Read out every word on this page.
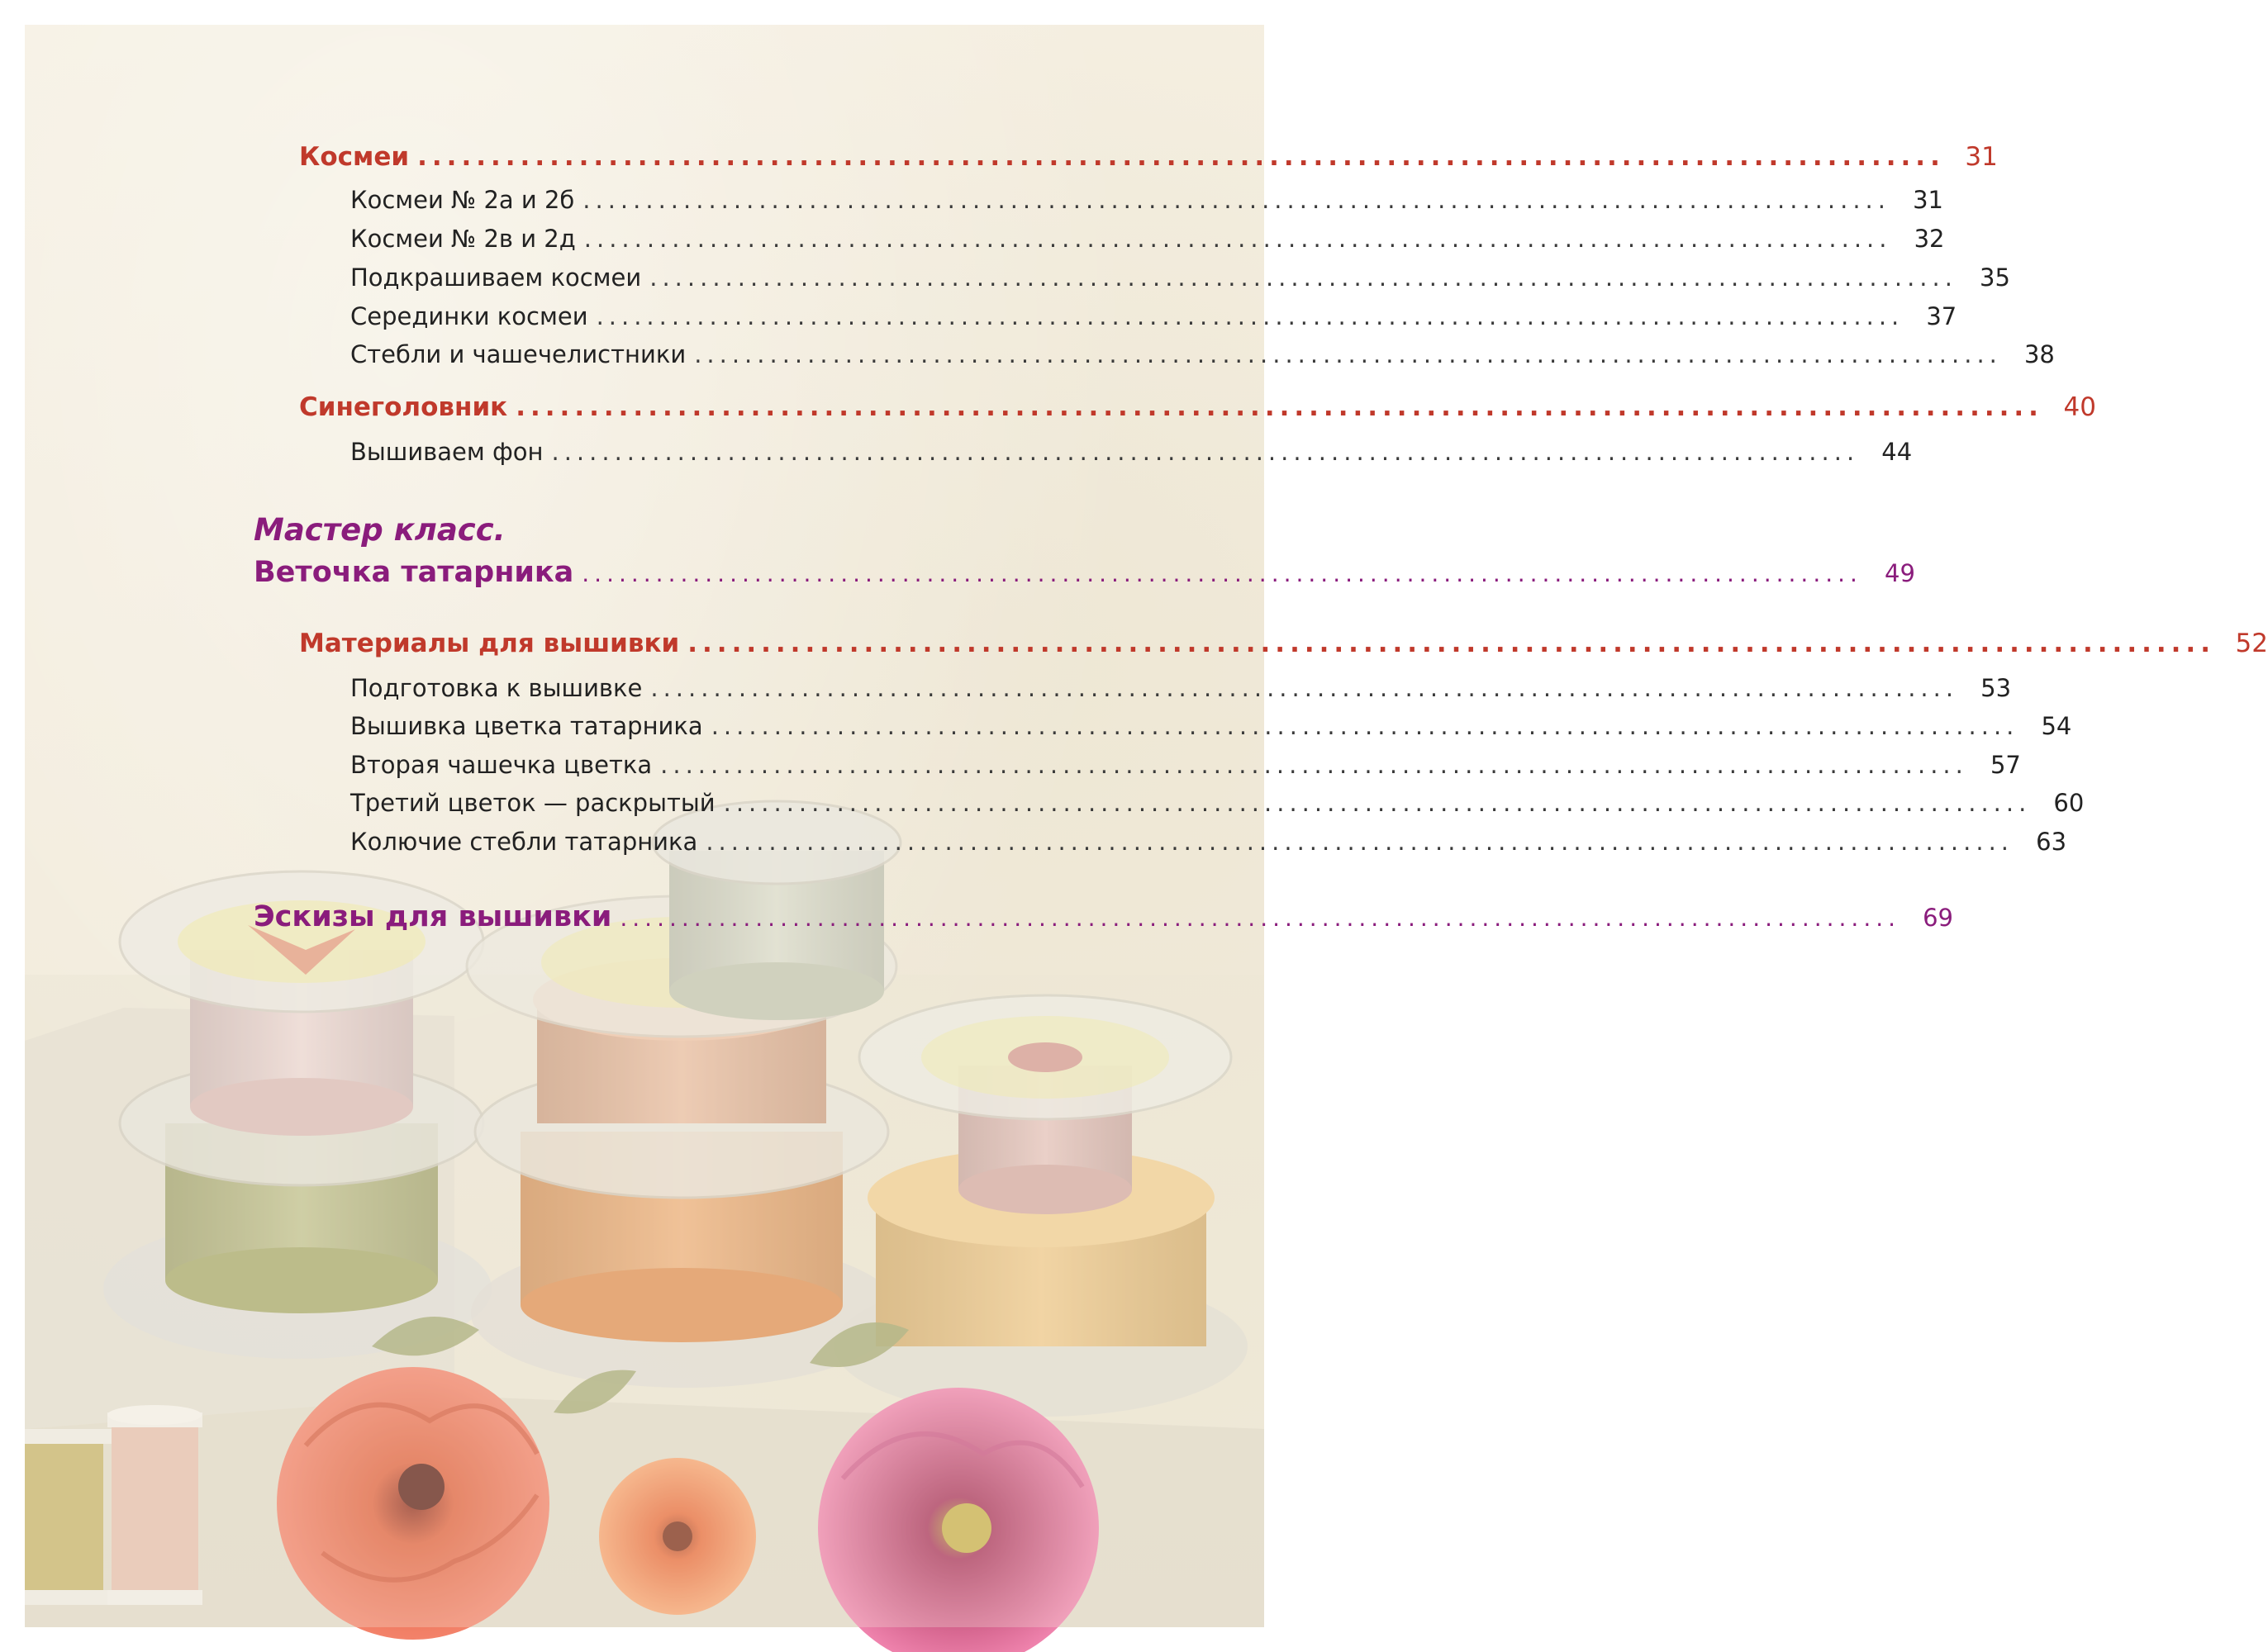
Космеи ........................................................................................................ 31
Космеи № 2а и 2б ........................................................................................................ 31
Космеи № 2в и 2д ........................................................................................................ 32
Подкрашиваем космеи ........................................................................................................ 35
Серединки космеи ........................................................................................................ 37
Стебли и чашечелистники ........................................................................................................ 38
Синеголовник ........................................................................................................ 40
Вышиваем фон ........................................................................................................ 44
Мастер класс.
Веточка татарника ........................................................................................................ 49
Материалы для вышивки ........................................................................................................ 52
Подготовка к вышивке ........................................................................................................ 53
Вышивка цветка татарника ........................................................................................................ 54
Вторая чашечка цветка ........................................................................................................ 57
Третий цветок — раскрытый ........................................................................................................ 60
Колючие стебли татарника ........................................................................................................ 63
Эскизы для вышивки ........................................................................................................ 69
